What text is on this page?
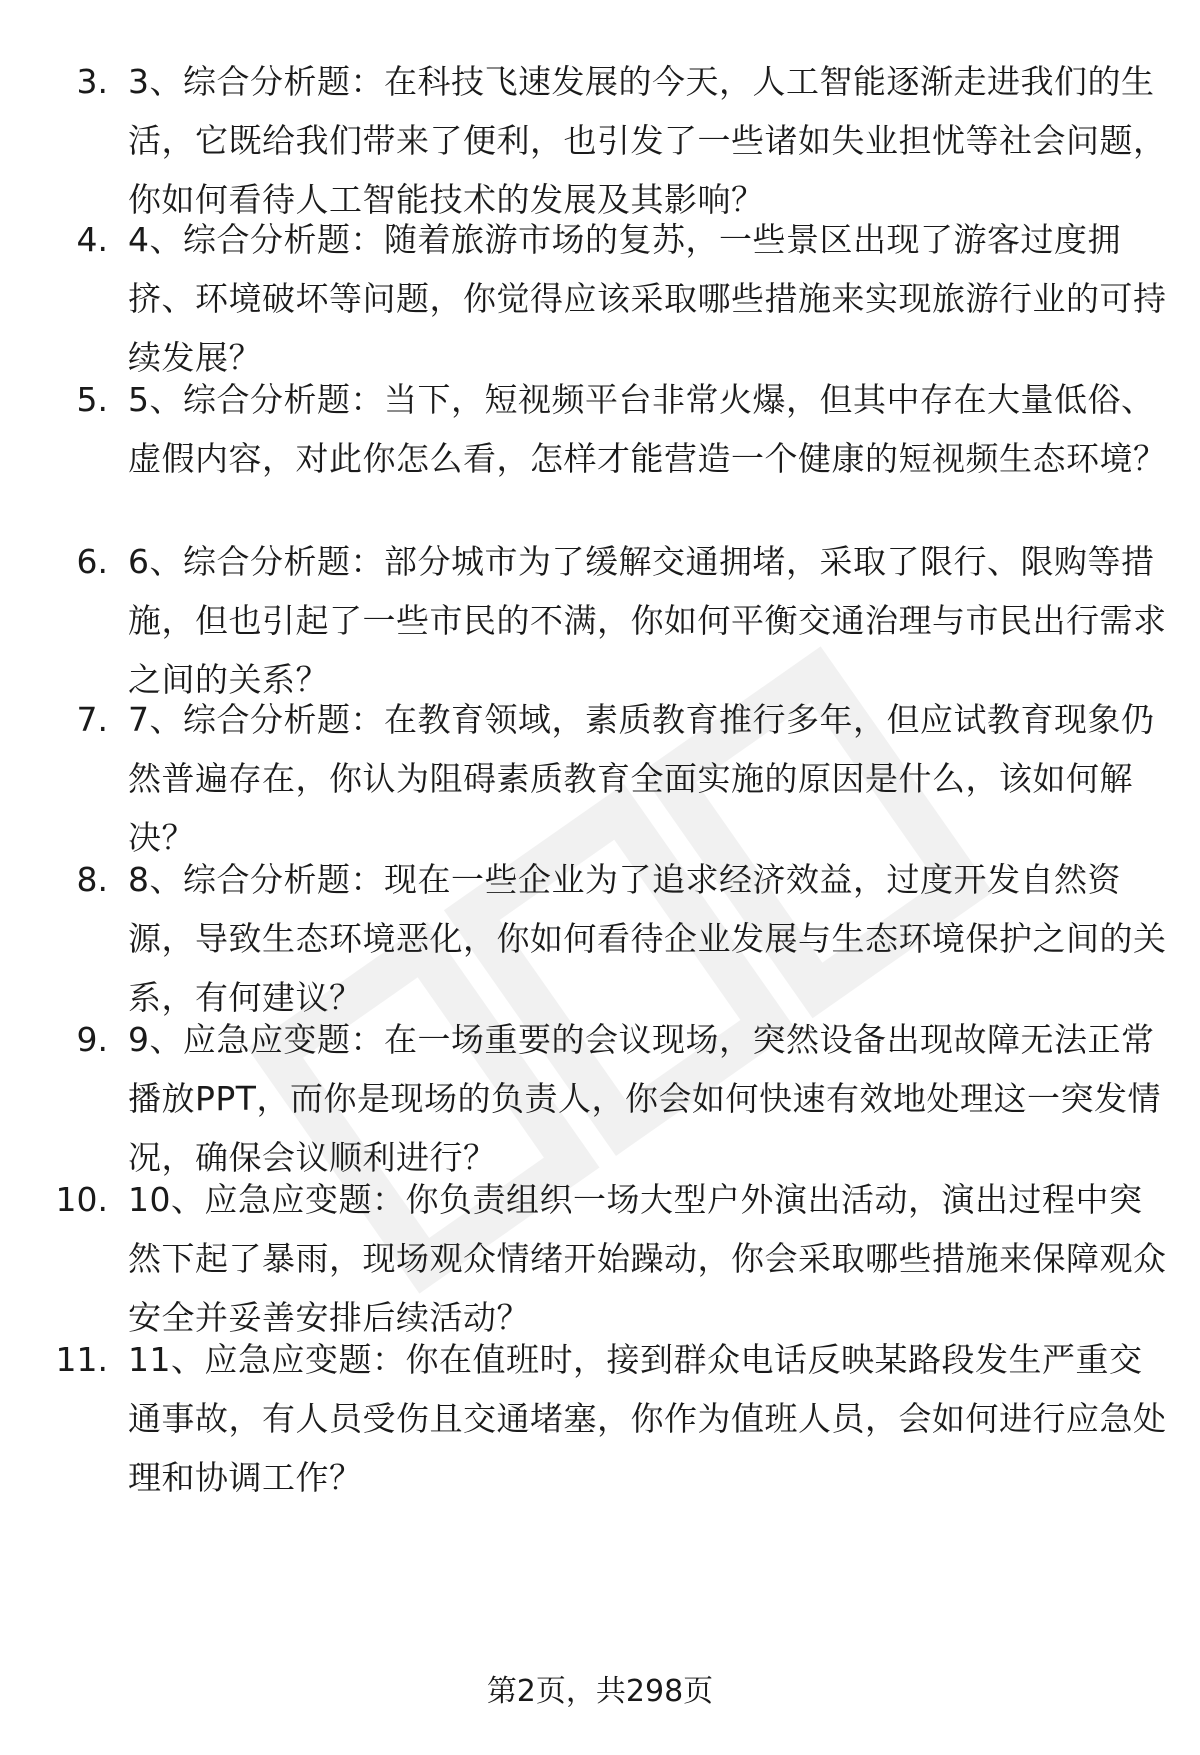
3. 3、综合分析题：在科技飞速发展的今天，人工智能逐渐走进我们的生活，它既给我们带来了便利，也引发了一些诸如失业担忧等社会问题，你如何看待人工智能技术的发展及其影响？
4. 4、综合分析题：随着旅游市场的复苏，一些景区出现了游客过度拥挤、环境破坏等问题，你觉得应该采取哪些措施来实现旅游行业的可持续发展？
5. 5、综合分析题：当下，短视频平台非常火爆，但其中存在大量低俗、虚假内容，对此你怎么看，怎样才能营造一个健康的短视频生态环境？
6. 6、综合分析题：部分城市为了缓解交通拥堵，采取了限行、限购等措施，但也引起了一些市民的不满，你如何平衡交通治理与市民出行需求之间的关系？
7. 7、综合分析题：在教育领域，素质教育推行多年，但应试教育现象仍然普遍存在，你认为阻碍素质教育全面实施的原因是什么，该如何解决？
8. 8、综合分析题：现在一些企业为了追求经济效益，过度开发自然资源，导致生态环境恶化，你如何看待企业发展与生态环境保护之间的关系，有何建议？
9. 9、应急应变题：在一场重要的会议现场，突然设备出现故障无法正常播放PPT，而你是现场的负责人，你会如何快速有效地处理这一突发情况，确保会议顺利进行？
10. 10、应急应变题：你负责组织一场大型户外演出活动，演出过程中突然下起了暴雨，现场观众情绪开始躁动，你会采取哪些措施来保障观众安全并妥善安排后续活动？
11. 11、应急应变题：你在值班时，接到群众电话反映某路段发生严重交通事故，有人员受伤且交通堵塞，你作为值班人员，会如何进行应急处理和协调工作？
第2页，共298页
